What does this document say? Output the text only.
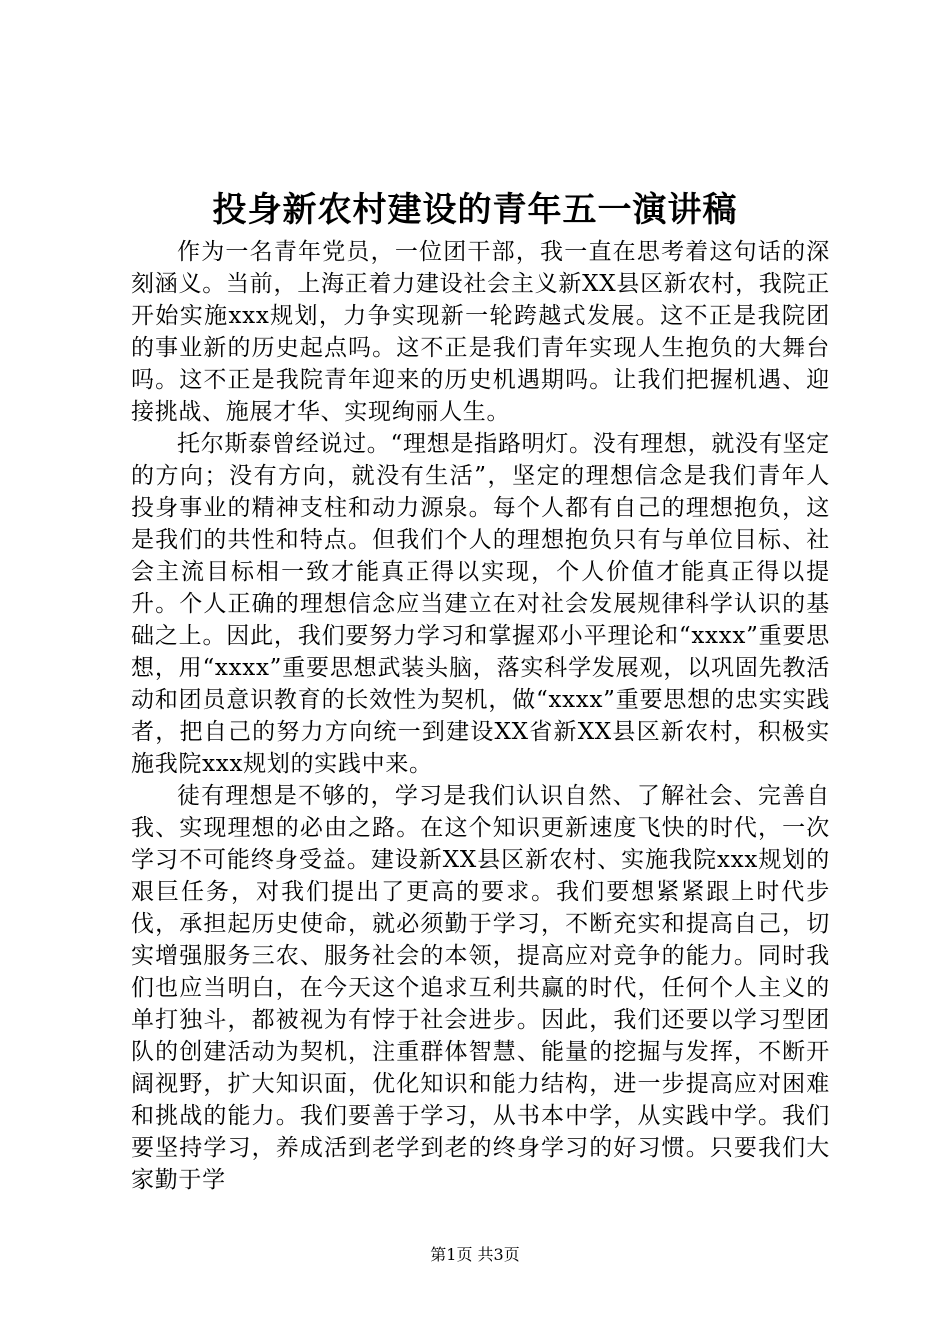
投身新农村建设的青年五一演讲稿

作为一名青年党员，一位团干部，我一直在思考着这句话的深刻涵义。当前，上海正着力建设社会主义新XX县区新农村，我院正开始实施xxx规划，力争实现新一轮跨越式发展。这不正是我院团的事业新的历史起点吗。这不正是我们青年实现人生抱负的大舞台吗。这不正是我院青年迎来的历史机遇期吗。让我们把握机遇、迎接挑战、施展才华、实现绚丽人生。

托尔斯泰曾经说过。“理想是指路明灯。没有理想，就没有坚定的方向；没有方向，就没有生活”，坚定的理想信念是我们青年人投身事业的精神支柱和动力源泉。每个人都有自己的理想抱负，这是我们的共性和特点。但我们个人的理想抱负只有与单位目标、社会主流目标相一致才能真正得以实现，个人价值才能真正得以提升。个人正确的理想信念应当建立在对社会发展规律科学认识的基础之上。因此，我们要努力学习和掌握邓小平理论和“xxxx”重要思想，用“xxxx”重要思想武装头脑，落实科学发展观，以巩固先教活动和团员意识教育的长效性为契机，做“xxxx”重要思想的忠实实践者，把自己的努力方向统一到建设XX省新XX县区新农村，积极实施我院xxx规划的实践中来。

徒有理想是不够的，学习是我们认识自然、了解社会、完善自我、实现理想的必由之路。在这个知识更新速度飞快的时代，一次学习不可能终身受益。建设新XX县区新农村、实施我院xxx规划的艰巨任务，对我们提出了更高的要求。我们要想紧紧跟上时代步伐，承担起历史使命，就必须勤于学习，不断充实和提高自己，切实增强服务三农、服务社会的本领，提高应对竞争的能力。同时我们也应当明白，在今天这个追求互利共赢的时代，任何个人主义的单打独斗，都被视为有悖于社会进步。因此，我们还要以学习型团队的创建活动为契机，注重群体智慧、能量的挖掘与发挥，不断开阔视野，扩大知识面，优化知识和能力结构，进一步提高应对困难和挑战的能力。我们要善于学习，从书本中学，从实践中学。我们要坚持学习，养成活到老学到老的终身学习的好习惯。只要我们大家勤于学

第1页 共3页
